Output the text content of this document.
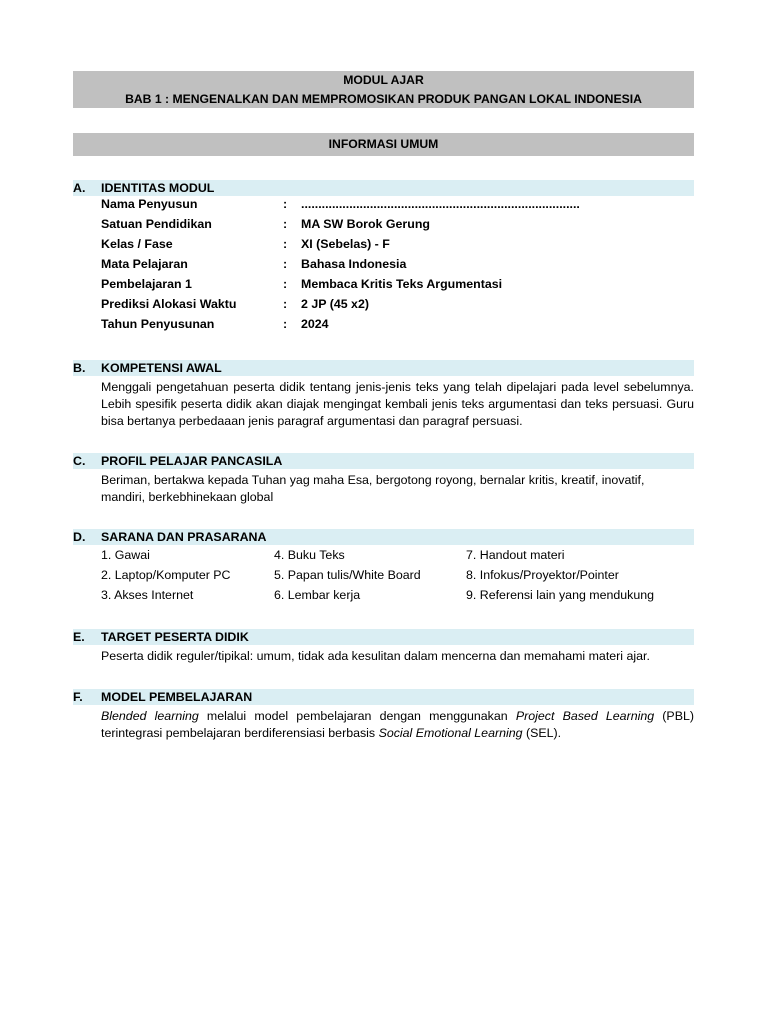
MODUL AJAR
BAB 1 : MENGENALKAN DAN MEMPROMOSIKAN PRODUK PANGAN LOKAL INDONESIA
INFORMASI UMUM
A. IDENTITAS MODUL
Nama Penyusun	: .................................................................................
Satuan Pendidikan	: MA SW Borok Gerung
Kelas / Fase	: XI (Sebelas) - F
Mata Pelajaran	: Bahasa Indonesia
Pembelajaran 1	: Membaca Kritis Teks Argumentasi
Prediksi Alokasi Waktu	: 2 JP (45 x2)
Tahun Penyusunan	: 2024
B. KOMPETENSI AWAL
Menggali pengetahuan peserta didik tentang jenis-jenis teks yang telah dipelajari pada level sebelumnya. Lebih spesifik peserta didik akan diajak mengingat kembali jenis teks argumentasi dan teks persuasi. Guru bisa bertanya perbedaaan jenis paragraf argumentasi dan paragraf persuasi.
C. PROFIL PELAJAR PANCASILA
Beriman, bertakwa kepada Tuhan yag maha Esa, bergotong royong, bernalar kritis, kreatif, inovatif, mandiri, berkebhinekaan global
D. SARANA DAN PRASARANA
1. Gawai	4. Buku Teks	7. Handout materi
2. Laptop/Komputer PC	5. Papan tulis/White Board	8. Infokus/Proyektor/Pointer
3. Akses Internet	6. Lembar kerja	9. Referensi lain yang mendukung
E. TARGET PESERTA DIDIK
Peserta didik reguler/tipikal: umum, tidak ada kesulitan dalam mencerna dan memahami materi ajar.
F. MODEL PEMBELAJARAN
Blended learning melalui model pembelajaran dengan menggunakan Project Based Learning (PBL) terintegrasi pembelajaran berdiferensiasi berbasis Social Emotional Learning (SEL).
